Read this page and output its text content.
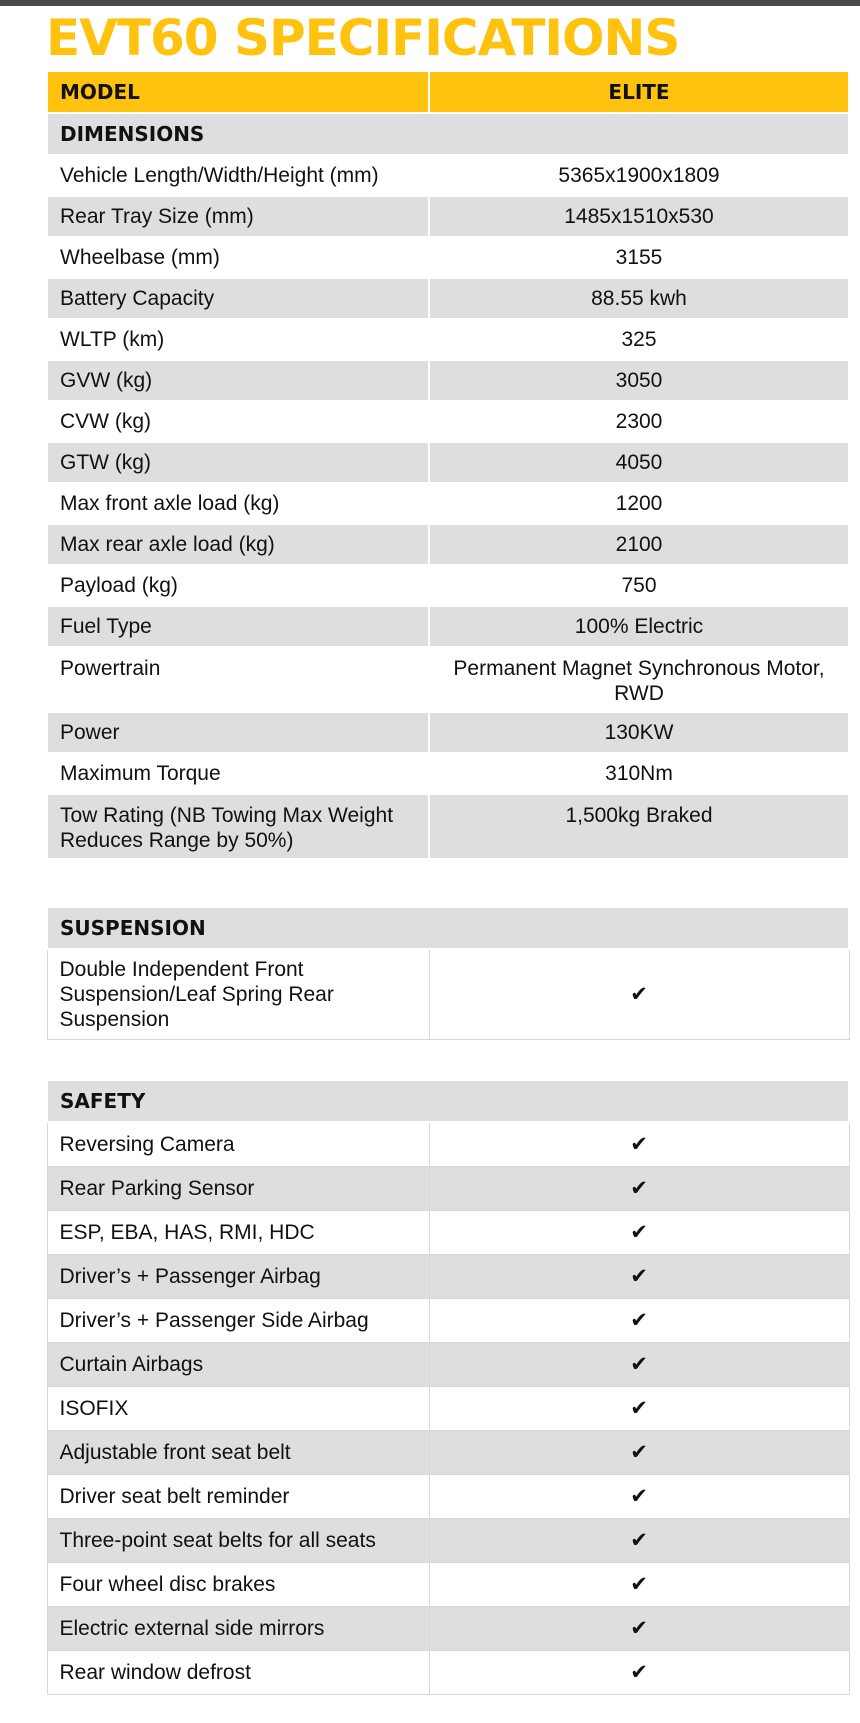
EVT60 SPECIFICATIONS
MODEL	ELITE
DIMENSIONS	
Vehicle Length/Width/Height (mm)	5365x1900x1809
Rear Tray Size (mm)	1485x1510x530
Wheelbase (mm)	3155
Battery Capacity	88.55 kwh
WLTP (km)	325
GVW (kg)	3050
CVW (kg)	2300
GTW (kg)	4050
Max front axle load (kg)	1200
Max rear axle load (kg)	2100
Payload (kg)	750
Fuel Type	100% Electric
Powertrain	Permanent Magnet Synchronous Motor, RWD
Power	130KW
Maximum Torque	310Nm
Tow Rating (NB Towing Max Weight Reduces Range by 50%)	1,500kg Braked
SUSPENSION
Double Independent Front Suspension/Leaf Spring Rear Suspension	✔
SAFETY	
Reversing Camera	✔
Rear Parking Sensor	✔
ESP, EBA, HAS, RMI, HDC	✔
Driver’s + Passenger Airbag	✔
Driver’s + Passenger Side Airbag	✔
Curtain Airbags	✔
ISOFIX	✔
Adjustable front seat belt	✔
Driver seat belt reminder	✔
Three-point seat belts for all seats	✔
Four wheel disc brakes	✔
Electric external side mirrors	✔
Rear window defrost	✔
